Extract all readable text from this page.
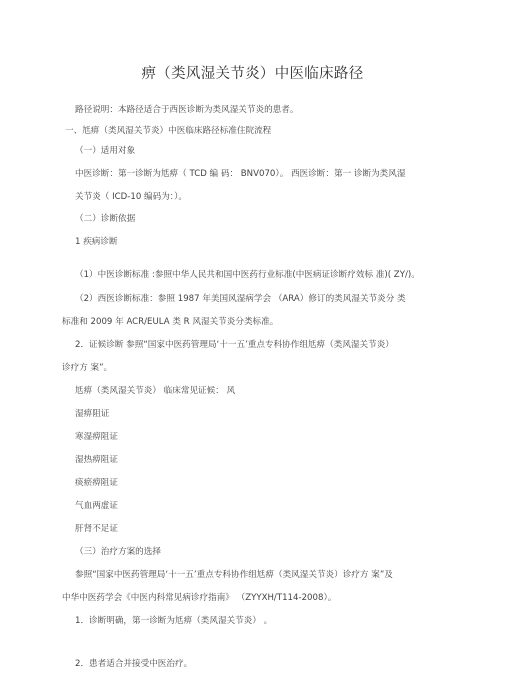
痹（类风湿关节炎）中医临床路径
路径说明：本路径适合于西医诊断为类风湿关节炎的患者。
一、尪痹（类风湿关节炎）中医临床路径标准住院流程
（一）适用对象
中医诊断：第一诊断为尪痹（ TCD 编 码： BNV070）。 西医诊断：第一 诊断为类风湿
关节炎（ ICD-10 编码为：）。
（二）诊断依据
1 疾病诊断
（1）中医诊断标准 :参照中华人民共和国中医药行业标准(中医病证诊断疗效标 准)( ZY/)。
（2）西医诊断标准：参照 1987 年美国风湿病学会 （ARA）修订的类风湿关节炎分 类
标准和 2009 年 ACR/EULA 类 R 风湿关节炎分类标准。
2．证候诊断 参照“国家中医药管理局‘十一五’重点专科协作组尪痹（类风湿关节炎）
诊疗方 案”。
尪痹（类风湿关节炎） 临床常见证候： 风
湿痹阻证
寒湿痹阻证
湿热痹阻证
痰瘀痹阻证
气血两虚证
肝肾不足证
（三）治疗方案的选择
参照“国家中医药管理局‘十一五’重点专科协作组尪痹（类风湿关节炎）诊疗方 案”及
中华中医药学会《中医内科常见病诊疗指南》 （ZYYXH/T114-2008）。
1．诊断明确，第一诊断为尪痹（类风湿关节炎） 。
2．患者适合并接受中医治疗。
